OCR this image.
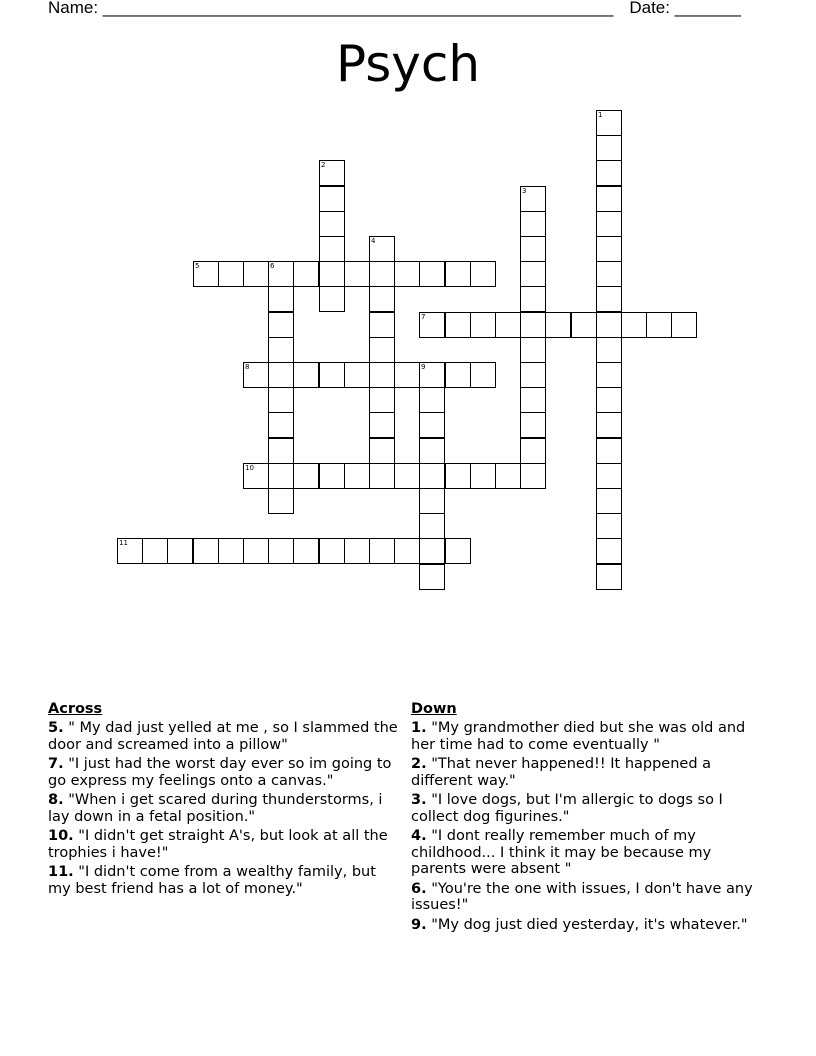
Name: ______________________________________________________ Date: _______
Psych
1
2
3
4
5	6
7
8	9
10
11
Across
5. " My dad just yelled at me , so I slammed the door and screamed into a pillow"
7. "I just had the worst day ever so im going to go express my feelings onto a canvas."
8. "When i get scared during thunderstorms, i lay down in a fetal position."
10. "I didn't get straight A's, but look at all the trophies i have!"
11. "I didn't come from a wealthy family, but my best friend has a lot of money."
Down
1. "My grandmother died but she was old and her time had to come eventually "
2. "That never happened!! It happened a different way."
3. "I love dogs, but I'm allergic to dogs so I collect dog figurines."
4. "I dont really remember much of my childhood... I think it may be because my parents were absent "
6. "You're the one with issues, I don't have any issues!"
9. "My dog just died yesterday, it's whatever."
